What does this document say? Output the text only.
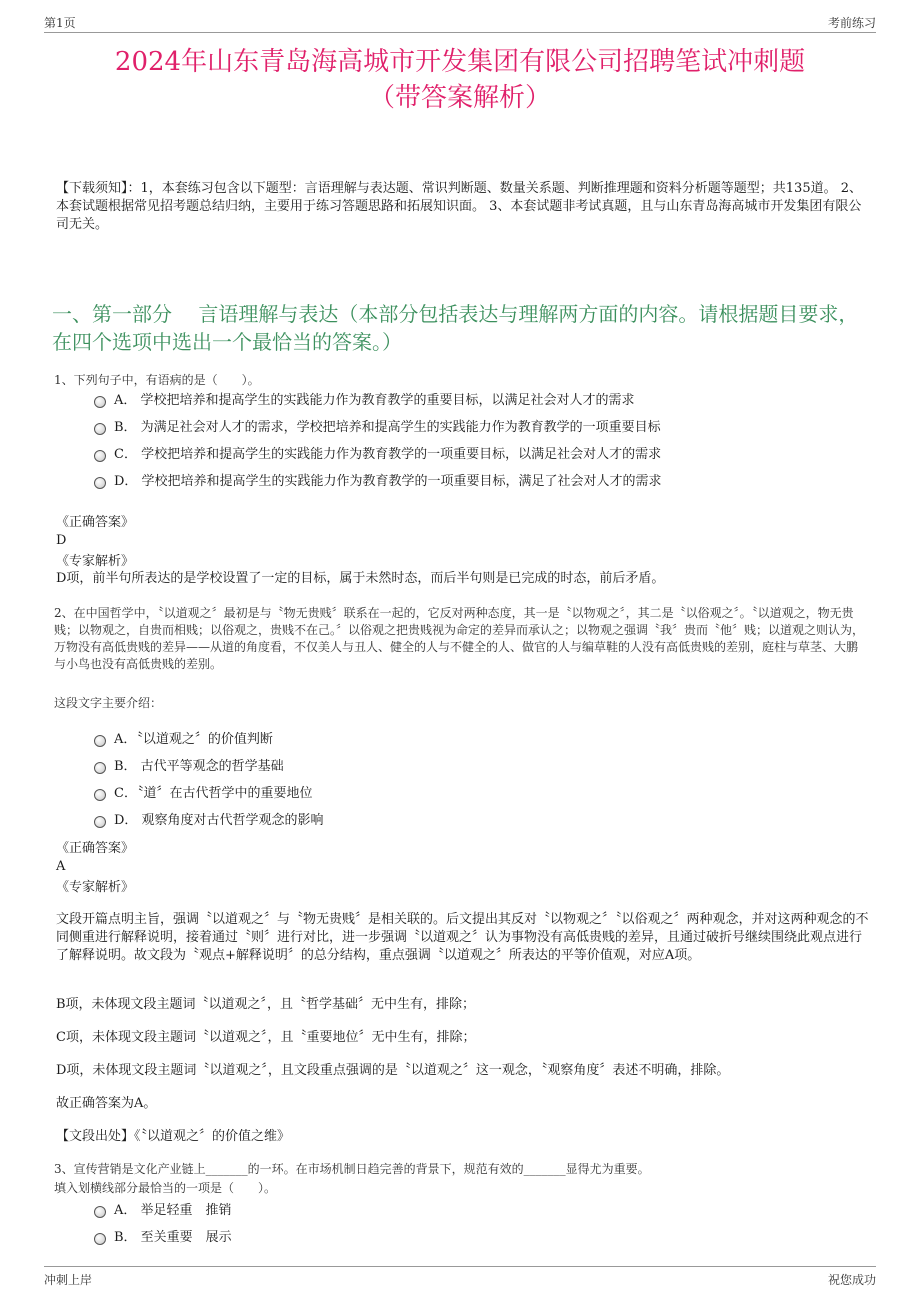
第1页	考前练习
2024年山东青岛海高城市开发集团有限公司招聘笔试冲刺题
（带答案解析）
【下载须知】：1，本套练习包含以下题型：言语理解与表达题、常识判断题、数量关系题、判断推理题和资料分析题等题型；共135道。 2、本套试题根据常见招考题总结归纳，主要用于练习答题思路和拓展知识面。 3、本套试题非考试真题，且与山东青岛海高城市开发集团有限公司无关。
一、第一部分　 言语理解与表达（本部分包括表达与理解两方面的内容。请根据题目要求，在四个选项中选出一个最恰当的答案。）
1、下列句子中，有语病的是（　　）。
A． 学校把培养和提高学生的实践能力作为教育教学的重要目标，以满足社会对人才的需求
B． 为满足社会对人才的需求，学校把培养和提高学生的实践能力作为教育教学的一项重要目标
C． 学校把培养和提高学生的实践能力作为教育教学的一项重要目标，以满足社会对人才的需求
D． 学校把培养和提高学生的实践能力作为教育教学的一项重要目标，满足了社会对人才的需求
《正确答案》
D
《专家解析》
D项，前半句所表达的是学校设置了一定的目标，属于未然时态，而后半句则是已完成的时态，前后矛盾。
2、在中国哲学中，〝以道观之〞最初是与〝物无贵贱〞联系在一起的，它反对两种态度，其一是〝以物观之〞，其二是〝以俗观之〞。〝以道观之，物无贵贱；以物观之，自贵而相贱；以俗观之，贵贱不在己。〞以俗观之把贵贱视为命定的差异而承认之；以物观之强调〝我〞贵而〝他〞贱；以道观之则认为，万物没有高低贵贱的差异——从道的角度看，不仅美人与丑人、健全的人与不健全的人、做官的人与编草鞋的人没有高低贵贱的差别，庭柱与草茎、大鹏与小鸟也没有高低贵贱的差别。
这段文字主要介绍：
A．〝以道观之〞的价值判断
B． 古代平等观念的哲学基础
C．〝道〞在古代哲学中的重要地位
D． 观察角度对古代哲学观念的影响
《正确答案》
A
《专家解析》
文段开篇点明主旨，强调〝以道观之〞与〝物无贵贱〞是相关联的。后文提出其反对〝以物观之〞〝以俗观之〞两种观念，并对这两种观念的不同侧重进行解释说明，接着通过〝则〞进行对比，进一步强调〝以道观之〞认为事物没有高低贵贱的差异，且通过破折号继续围绕此观点进行了解释说明。故文段为〝观点+解释说明〞的总分结构，重点强调〝以道观之〞所表达的平等价值观，对应A项。
B项，未体现文段主题词〝以道观之〞，且〝哲学基础〞无中生有，排除；
C项，未体现文段主题词〝以道观之〞，且〝重要地位〞无中生有，排除；
D项，未体现文段主题词〝以道观之〞，且文段重点强调的是〝以道观之〞这一观念，〝观察角度〞表述不明确，排除。
故正确答案为A。
【文段出处】《〝以道观之〞的价值之维》
3、宣传营销是文化产业链上_______的一环。在市场机制日趋完善的背景下，规范有效的_______显得尤为重要。
填入划横线部分最恰当的一项是（　　）。
A． 举足轻重　推销
B． 至关重要　展示
冲刺上岸	祝您成功
